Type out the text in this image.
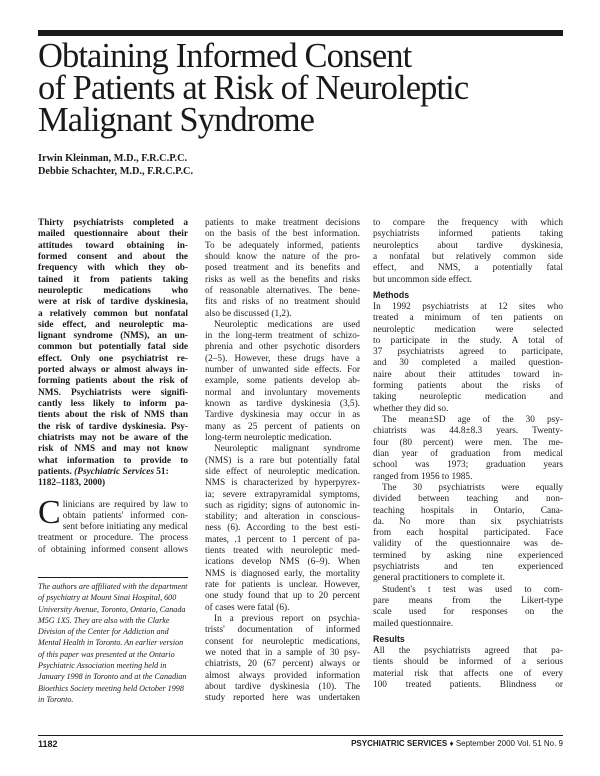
Obtaining Informed Consent
of Patients at Risk of Neuroleptic
Malignant Syndrome
Irwin Kleinman, M.D., F.R.C.P.C.
Debbie Schachter, M.D., F.R.C.P.C.
Thirty psychiatrists completed a
mailed questionnaire about their
attitudes toward obtaining in-
formed consent and about the
frequency with which they ob-
tained it from patients taking
neuroleptic medications who
were at risk of tardive dyskinesia,
a relatively common but nonfatal
side effect, and neuroleptic ma-
lignant syndrome (NMS), an un-
common but potentially fatal side
effect. Only one psychiatrist re-
ported always or almost always in-
forming patients about the risk of
NMS. Psychiatrists were signifi-
cantly less likely to inform pa-
tients about the risk of NMS than
the risk of tardive dyskinesia. Psy-
chiatrists may not be aware of the
risk of NMS and may not know
what information to provide to
patients. (Psychiatric Services 51:
1182–1183, 2000)
C linicians are required by law to
obtain patients' informed con-
sent before initiating any medical
treatment or procedure. The process
of obtaining informed consent allows
The authors are affiliated with the department of psychiatry at Mount Sinai Hospital, 600 University Avenue, Toronto, Ontario, Canada M5G 1X5. They are also with the Clarke Division of the Center for Addiction and Mental Health in Toronto. An earlier version of this paper was presented at the Ontario Psychiatric Association meeting held in January 1998 in Toronto and at the Canadian Bioethics Society meeting held October 1998 in Toronto.
patients to make treatment decisions
on the basis of the best information.
To be adequately informed, patients
should know the nature of the pro-
posed treatment and its benefits and
risks as well as the benefits and risks
of reasonable alternatives. The bene-
fits and risks of no treatment should
also be discussed (1,2).
Neuroleptic medications are used
in the long-term treatment of schizo-
phrenia and other psychotic disorders
(2–5). However, these drugs have a
number of unwanted side effects. For
example, some patients develop ab-
normal and involuntary movements
known as tardive dyskinesia (3,5).
Tardive dyskinesia may occur in as
many as 25 percent of patients on
long-term neuroleptic medication.
Neuroleptic malignant syndrome
(NMS) is a rare but potentially fatal
side effect of neuroleptic medication.
NMS is characterized by hyperpyrex-
ia; severe extrapyramidal symptoms,
such as rigidity; signs of autonomic in-
stability; and alteration in conscious-
ness (6). According to the best esti-
mates, .1 percent to 1 percent of pa-
tients treated with neuroleptic med-
ications develop NMS (6–9). When
NMS is diagnosed early, the mortality
rate for patients is unclear. However,
one study found that up to 20 percent
of cases were fatal (6).
In a previous report on psychia-
trists' documentation of informed
consent for neuroleptic medications,
we noted that in a sample of 30 psy-
chiatrists, 20 (67 percent) always or
almost always provided information
about tardive dyskinesia (10). The
study reported here was undertaken
to compare the frequency with which
psychiatrists informed patients taking
neuroleptics about tardive dyskinesia,
a nonfatal but relatively common side
effect, and NMS, a potentially fatal
but uncommon side effect.
Methods
In 1992 psychiatrists at 12 sites who
treated a minimum of ten patients on
neuroleptic medication were selected
to participate in the study. A total of
37 psychiatrists agreed to participate,
and 30 completed a mailed question-
naire about their attitudes toward in-
forming patients about the risks of
taking neuroleptic medication and
whether they did so.
The mean±SD age of the 30 psy-
chiatrists was 44.8±8.3 years. Twenty-
four (80 percent) were men. The me-
dian year of graduation from medical
school was 1973; graduation years
ranged from 1956 to 1985.
The 30 psychiatrists were equally
divided between teaching and non-
teaching hospitals in Ontario, Cana-
da. No more than six psychiatrists
from each hospital participated. Face
validity of the questionnaire was de-
termined by asking nine experienced
psychiatrists and ten experienced
general practitioners to complete it.
Student's t test was used to com-
pare means from the Likert-type
scale used for responses on the
mailed questionnaire.
Results
All the psychiatrists agreed that pa-
tients should be informed of a serious
material risk that affects one of every
100 treated patients. Blindness or
1182	PSYCHIATRIC SERVICES ♦ September 2000 Vol. 51 No. 9
